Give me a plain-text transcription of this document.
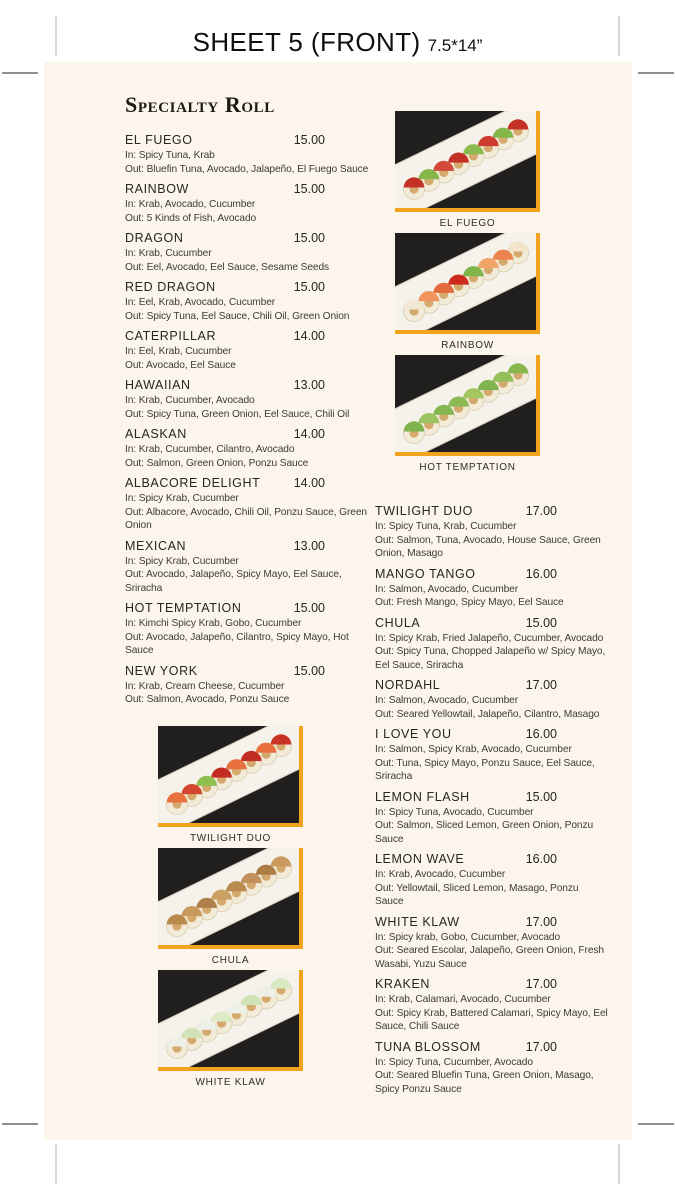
SHEET 5 (FRONT) 7.5*14”
Specialty Roll
EL FUEGO	15.00
In: Spicy Tuna, Krab
Out: Bluefin Tuna, Avocado, Jalapeño, El Fuego Sauce
RAINBOW	15.00
In: Krab, Avocado, Cucumber
Out: 5 Kinds of Fish, Avocado
DRAGON	15.00
In: Krab, Cucumber
Out: Eel, Avocado, Eel Sauce, Sesame Seeds
RED DRAGON	15.00
In: Eel, Krab, Avocado, Cucumber
Out: Spicy Tuna, Eel Sauce, Chili Oil, Green Onion
CATERPILLAR	14.00
In: Eel, Krab, Cucumber
Out: Avocado, Eel Sauce
HAWAIIAN	13.00
In: Krab, Cucumber, Avocado
Out: Spicy Tuna, Green Onion, Eel Sauce, Chili Oil
ALASKAN	14.00
In: Krab, Cucumber, Cilantro, Avocado
Out: Salmon, Green Onion, Ponzu Sauce
ALBACORE DELIGHT	14.00
In: Spicy Krab, Cucumber
Out: Albacore, Avocado, Chili Oil, Ponzu Sauce, Green Onion
MEXICAN	13.00
In: Spicy Krab, Cucumber
Out: Avocado, Jalapeño, Spicy Mayo, Eel Sauce, Sriracha
HOT TEMPTATION	15.00
In: Kimchi Spicy Krab, Gobo, Cucumber
Out: Avocado, Jalapeño, Cilantro, Spicy Mayo, Hot Sauce
NEW YORK	15.00
In: Krab, Cream Cheese, Cucumber
Out: Salmon, Avocado, Ponzu Sauce
EL FUEGO
RAINBOW
HOT TEMPTATION
TWILIGHT DUO	17.00
In: Spicy Tuna, Krab, Cucumber
Out: Salmon, Tuna, Avocado, House Sauce, Green Onion, Masago
MANGO TANGO	16.00
In: Salmon, Avocado, Cucumber
Out: Fresh Mango, Spicy Mayo, Eel Sauce
CHULA	15.00
In: Spicy Krab, Fried Jalapeño, Cucumber, Avocado
Out: Spicy Tuna, Chopped Jalapeño w/ Spicy Mayo, Eel Sauce, Sriracha
NORDAHL	17.00
In: Salmon, Avocado, Cucumber
Out: Seared Yellowtail, Jalapeño, Cilantro, Masago
I LOVE YOU	16.00
In: Salmon, Spicy Krab, Avocado, Cucumber
Out: Tuna, Spicy Mayo, Ponzu Sauce, Eel Sauce, Sriracha
LEMON FLASH	15.00
In: Spicy Tuna, Avocado, Cucumber
Out: Salmon, Sliced Lemon, Green Onion, Ponzu Sauce
LEMON WAVE	16.00
In: Krab, Avocado, Cucumber
Out: Yellowtail, Sliced Lemon, Masago, Ponzu Sauce
WHITE KLAW	17.00
In: Spicy krab, Gobo, Cucumber, Avocado
Out: Seared Escolar, Jalapeño, Green Onion, Fresh Wasabi, Yuzu Sauce
KRAKEN	17.00
In: Krab, Calamari, Avocado, Cucumber
Out: Spicy Krab, Battered Calamari, Spicy Mayo, Eel Sauce, Chili Sauce
TUNA BLOSSOM	17.00
In: Spicy Tuna, Cucumber, Avocado
Out: Seared Bluefin Tuna, Green Onion, Masago, Spicy Ponzu Sauce
TWILIGHT DUO
CHULA
WHITE KLAW
